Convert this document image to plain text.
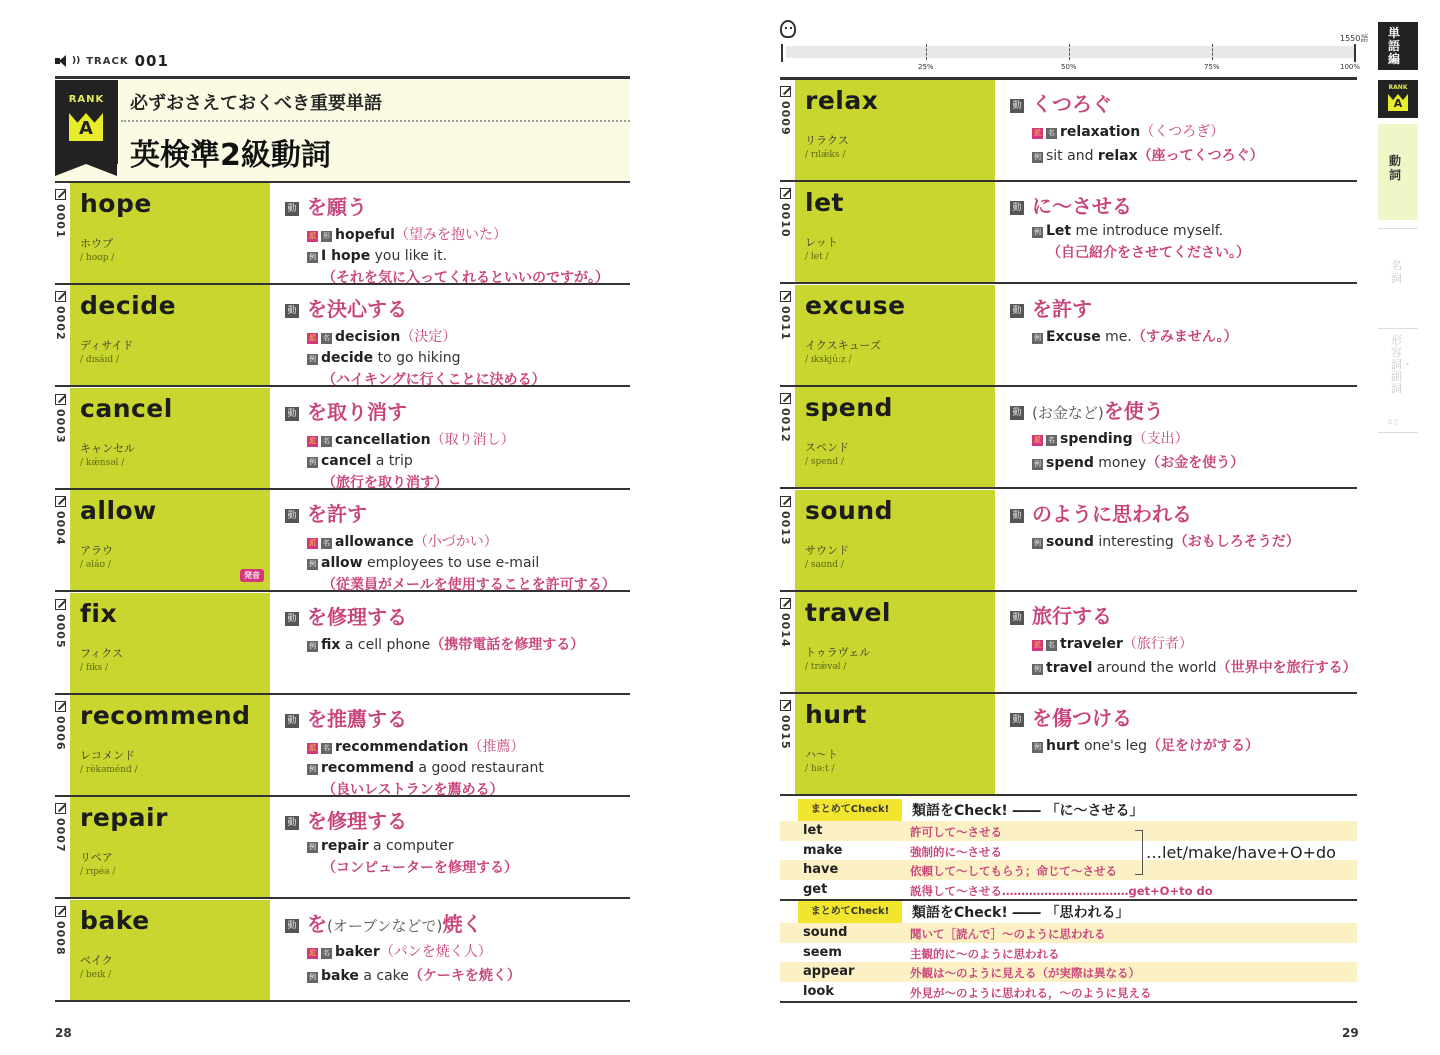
)) TRACK 001
RANK
A
必ずおさえておくべき重要単語
英検準2級動詞
0001
hope
ホウプ
/ hoʊp /
動 を願う
派 形 hopeful（望みを抱いた）
例 I hope you like it.
（それを気に入ってくれるといいのですが。）
0002
decide
ディサイド
/ dɪsáɪd /
動 を決心する
派 名 decision（決定）
例 decide to go hiking
（ハイキングに行くことに決める）
0003
cancel
キャンセル
/ kǽnsəl /
動 を取り消す
派 名 cancellation（取り消し）
例 cancel a trip
（旅行を取り消す）
0004
allow
アラウ
/ əláʊ /
発音
動 を許す
派 名 allowance（小づかい）
例 allow employees to use e-mail
（従業員がメールを使用することを許可する）
0005
fix
フィクス
/ fɪks /
動 を修理する
例 fix a cell phone（携帯電話を修理する）
0006
recommend
レコメンド
/ rèkəménd /
動 を推薦する
派 名 recommendation（推薦）
例 recommend a good restaurant
（良いレストランを薦める）
0007
repair
リペア
/ rɪpéə /
動 を修理する
例 repair a computer
（コンピューターを修理する）
0008
bake
ベイク
/ beɪk /
動 を(オーブンなどで)焼く
派 名 baker（パンを焼く人）
例 bake a cake（ケーキを焼く）
28
25%	50%	75%	100%
1550語
0009
relax
リラクス
/ rɪlǽks /
動 くつろぐ
派 名 relaxation（くつろぎ）
例 sit and relax（座ってくつろぐ）
0010
let
レット
/ let /
動 に～させる
例 Let me introduce myself.
（自己紹介をさせてください。）
0011
excuse
イクスキューズ
/ ɪkskjúːz /
動 を許す
例 Excuse me.（すみません。）
0012
spend
スペンド
/ spend /
動 (お金など)を使う
派 名 spending（支出）
例 spend money（お金を使う）
0013
sound
サウンド
/ saʊnd /
動 のように思われる
例 sound interesting（おもしろそうだ）
0014
travel
トゥラヴェル
/ trǽvəl /
動 旅行する
派 名 traveler（旅行者）
例 travel around the world（世界中を旅行する）
0015
hurt
ハ～ト
/ həːt /
動 を傷つける
例 hurt one's leg（足をけがする）
まとめてCheck!	類語をCheck! ―― 「に～させる」
let	許可して～させる
make	強制的に～させる
have	依頼して～してもらう；命じて～させる
get	説得して～させる……………………………get+O+to do
…let/make/have+O+do
まとめてCheck!	類語をCheck! ―― 「思われる」
sound	聞いて［読んで］～のように思われる
seem	主観的に～のように思われる
appear	外観は～のように見える（が実際は異なる）
look	外見が～のように思われる，～のように見える
単語編
RANK
A
動詞
名詞
形容詞・副詞
など
29
